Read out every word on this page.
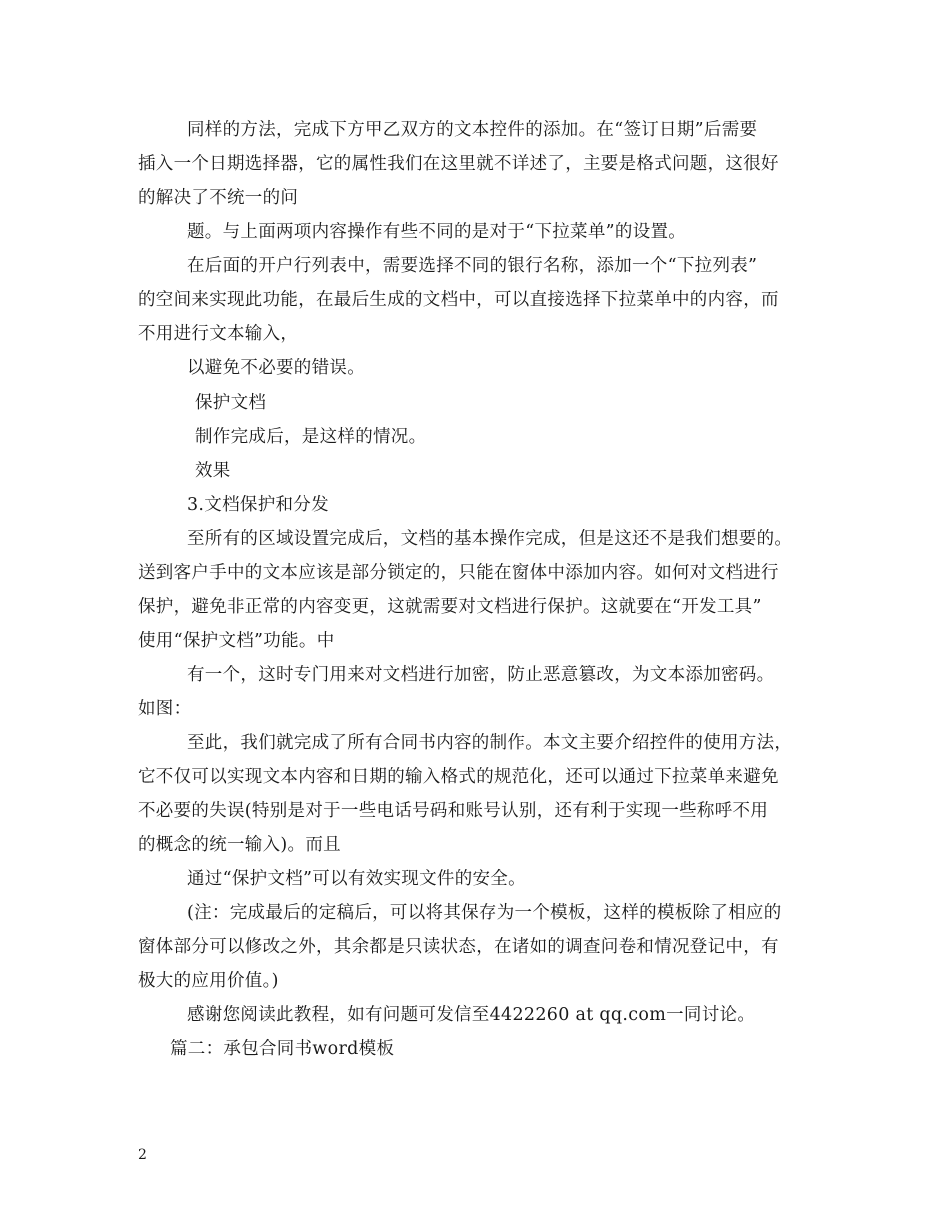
同样的方法，完成下方甲乙双方的文本控件的添加。在“签订日期”后需要
插入一个日期选择器，它的属性我们在这里就不详述了，主要是格式问题，这很好
的解决了不统一的问
题。与上面两项内容操作有些不同的是对于“下拉菜单”的设置。
在后面的开户行列表中，需要选择不同的银行名称，添加一个“下拉列表”
的空间来实现此功能，在最后生成的文档中，可以直接选择下拉菜单中的内容，而
不用进行文本输入，
以避免不必要的错误。
保护文档
制作完成后，是这样的情况。
效果
3.文档保护和分发
至所有的区域设置完成后，文档的基本操作完成，但是这还不是我们想要的。
送到客户手中的文本应该是部分锁定的，只能在窗体中添加内容。如何对文档进行
保护，避免非正常的内容变更，这就需要对文档进行保护。这就要在“开发工具”
使用“保护文档”功能。中
有一个，这时专门用来对文档进行加密，防止恶意篡改，为文本添加密码。
如图：
至此，我们就完成了所有合同书内容的制作。本文主要介绍控件的使用方法，
它不仅可以实现文本内容和日期的输入格式的规范化，还可以通过下拉菜单来避免
不必要的失误(特别是对于一些电话号码和账号认别，还有利于实现一些称呼不用
的概念的统一输入)。而且
通过“保护文档”可以有效实现文件的安全。
(注：完成最后的定稿后，可以将其保存为一个模板，这样的模板除了相应的
窗体部分可以修改之外，其余都是只读状态，在诸如的调查问卷和情况登记中，有
极大的应用价值。)
感谢您阅读此教程，如有问题可发信至4422260 at qq.com一同讨论。
篇二：承包合同书word模板
2
